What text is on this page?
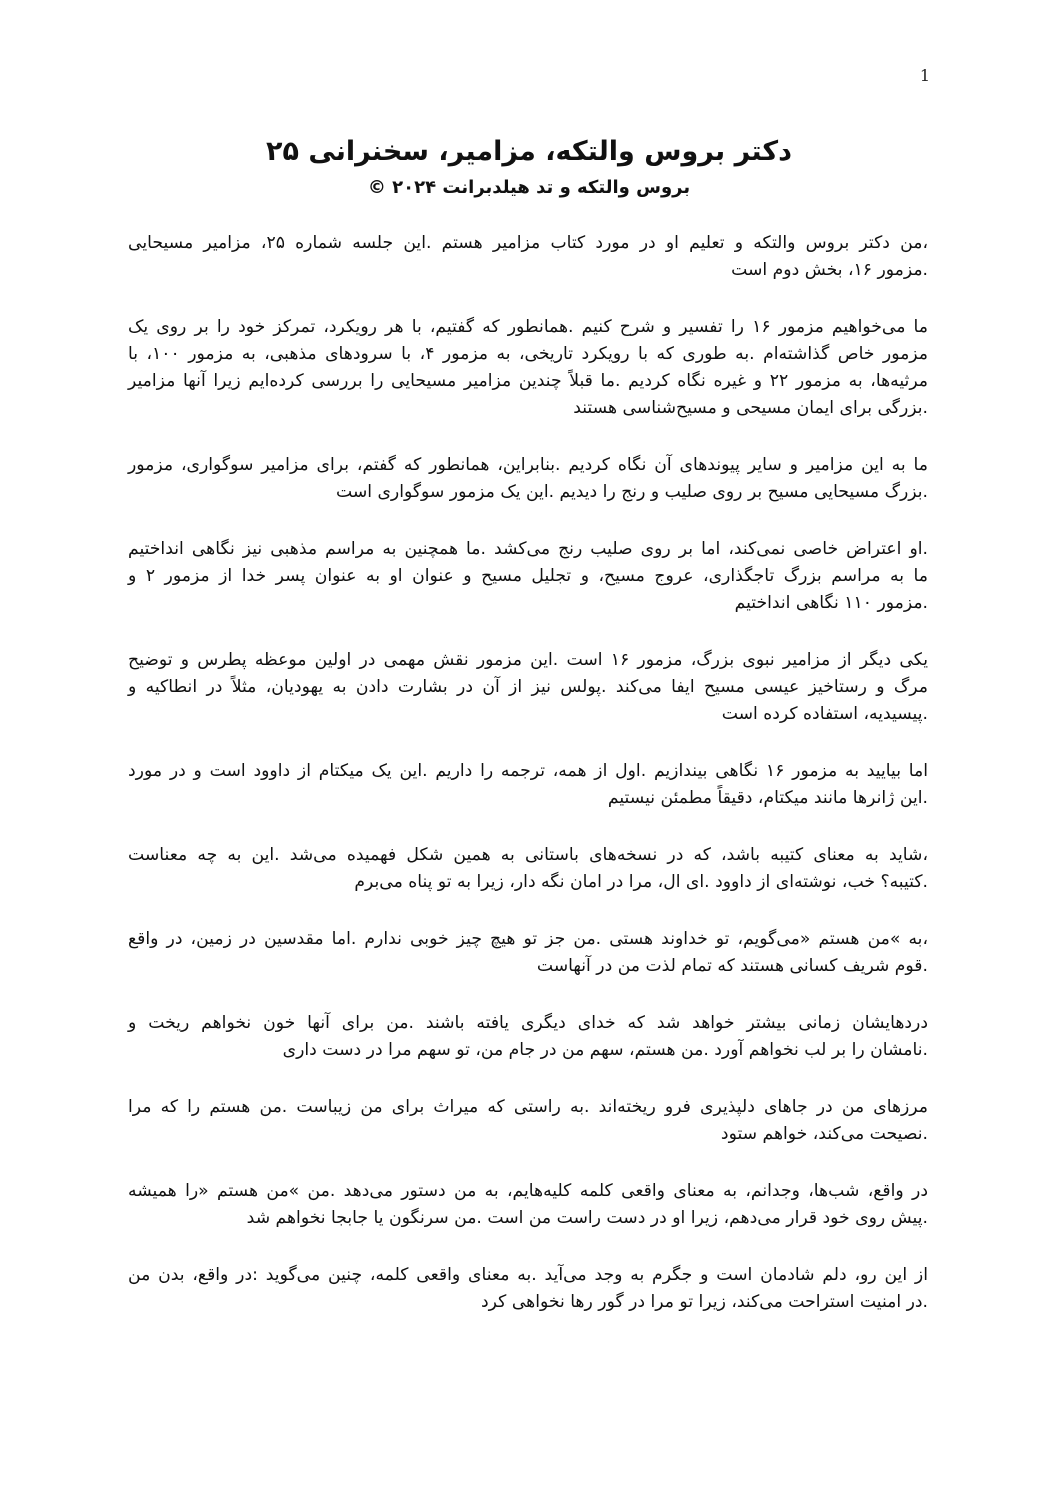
1
دکتر بروس والتکه، مزامیر، سخنرانی ۲۵
بروس والتکه و تد هیلدبرانت ۲۰۲۴ ©

،من دکتر بروس والتکه و تعلیم او در مورد کتاب مزامیر هستم .این جلسه شماره ۲۵، مزامیر مسیحایی
.مزمور ۱۶، بخش دوم است

ما می‌خواهیم مزمور ۱۶ را تفسیر و شرح کنیم .همانطور که گفتیم، با هر رویکرد، تمرکز خود را بر روی یک
مزمور خاص گذاشته‌ام .به طوری که با رویکرد تاریخی، به مزمور ۴، با سرودهای مذهبی، به مزمور ۱۰۰، با
مرثیه‌ها، به مزمور ۲۲ و غیره نگاه کردیم .ما قبلاً چندین مزامیر مسیحایی را بررسی کرده‌ایم زیرا آنها مزامیر
.بزرگی برای ایمان مسیحی و مسیح‌شناسی هستند

ما به این مزامیر و سایر پیوندهای آن نگاه کردیم .بنابراین، همانطور که گفتم، برای مزامیر سوگواری، مزمور
.بزرگ مسیحایی مسیح بر روی صلیب و رنج را دیدیم .این یک مزمور سوگواری است

.او اعتراض خاصی نمی‌کند، اما بر روی صلیب رنج می‌کشد .ما همچنین به مراسم مذهبی نیز نگاهی انداختیم
ما به مراسم بزرگ تاجگذاری، عروج مسیح، و تجلیل مسیح و عنوان او به عنوان پسر خدا از مزمور ۲ و
.مزمور ۱۱۰ نگاهی انداختیم

یکی دیگر از مزامیر نبوی بزرگ، مزمور ۱۶ است .این مزمور نقش مهمی در اولین موعظه پطرس و توضیح
مرگ و رستاخیز عیسی مسیح ایفا می‌کند .پولس نیز از آن در بشارت دادن به یهودیان، مثلاً در انطاکیه و
.پیسیدیه، استفاده کرده است

اما بیایید به مزمور ۱۶ نگاهی بیندازیم .اول از همه، ترجمه را داریم .این یک میکتام از داوود است و در مورد
.این ژانرها مانند میکتام، دقیقاً مطمئن نیستیم

،شاید به معنای کتیبه باشد، که در نسخه‌های باستانی به همین شکل فهمیده می‌شد .این به چه معناست
.کتیبه؟ خب، نوشته‌ای از داوود .ای ال، مرا در امان نگه دار، زیرا به تو پناه می‌برم

،به »من هستم «می‌گویم، تو خداوند هستی .من جز تو هیچ چیز خوبی ندارم .اما مقدسین در زمین، در واقع
.قوم شریف کسانی هستند که تمام لذت من در آنهاست

دردهایشان زمانی بیشتر خواهد شد که خدای دیگری یافته باشند .من برای آنها خون نخواهم ریخت و
.نامشان را بر لب نخواهم آورد .من هستم، سهم من در جام من، تو سهم مرا در دست داری

مرزهای من در جاهای دلپذیری فرو ریخته‌اند .به راستی که میراث برای من زیباست .من هستم را که مرا
.نصیحت می‌کند، خواهم ستود

در واقع، شب‌ها، وجدانم، به معنای واقعی کلمه کلیه‌هایم، به من دستور می‌دهد .من »من هستم «را همیشه
.پیش روی خود قرار می‌دهم، زیرا او در دست راست من است .من سرنگون یا جابجا نخواهم شد

از این رو، دلم شادمان است و جگرم به وجد می‌آید .به معنای واقعی کلمه، چنین می‌گوید :در واقع، بدن من
.در امنیت استراحت می‌کند، زیرا تو مرا در گور رها نخواهی کرد
